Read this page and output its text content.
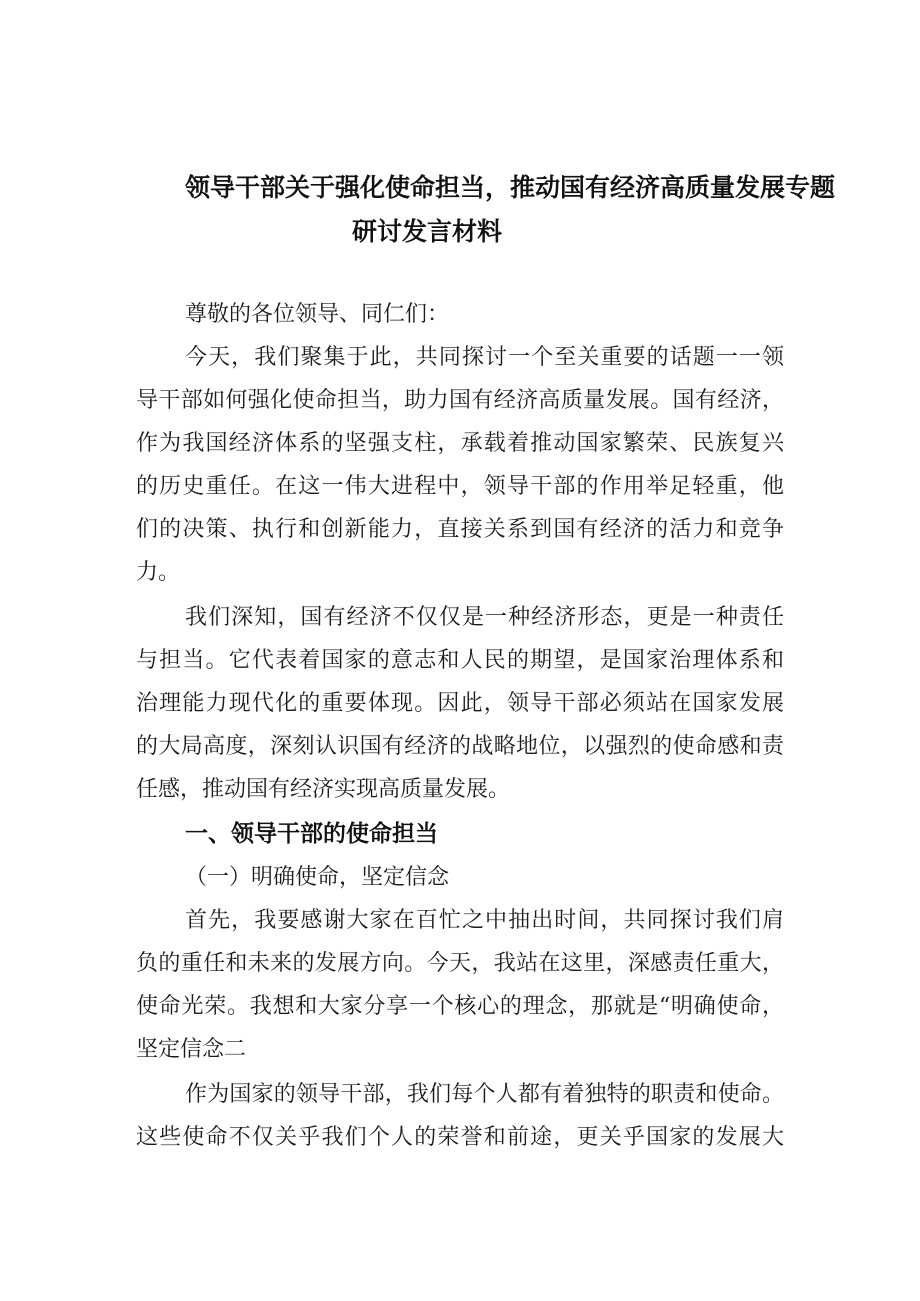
领导干部关于强化使命担当，推动国有经济高质量发展专题
研讨发言材料
尊敬的各位领导、同仁们：
今天，我们聚集于此，共同探讨一个至关重要的话题一一领
导干部如何强化使命担当，助力国有经济高质量发展。国有经济，
作为我国经济体系的坚强支柱，承载着推动国家繁荣、民族复兴
的历史重任。在这一伟大进程中，领导干部的作用举足轻重，他
们的决策、执行和创新能力，直接关系到国有经济的活力和竞争
力。
我们深知，国有经济不仅仅是一种经济形态，更是一种责任
与担当。它代表着国家的意志和人民的期望，是国家治理体系和
治理能力现代化的重要体现。因此，领导干部必须站在国家发展
的大局高度，深刻认识国有经济的战略地位，以强烈的使命感和责
任感，推动国有经济实现高质量发展。
一、领导干部的使命担当
（一）明确使命，坚定信念
首先，我要感谢大家在百忙之中抽出时间，共同探讨我们肩
负的重任和未来的发展方向。今天，我站在这里，深感责任重大，
使命光荣。我想和大家分享一个核心的理念，那就是“明确使命，
坚定信念二
作为国家的领导干部，我们每个人都有着独特的职责和使命。
这些使命不仅关乎我们个人的荣誉和前途，更关乎国家的发展大
